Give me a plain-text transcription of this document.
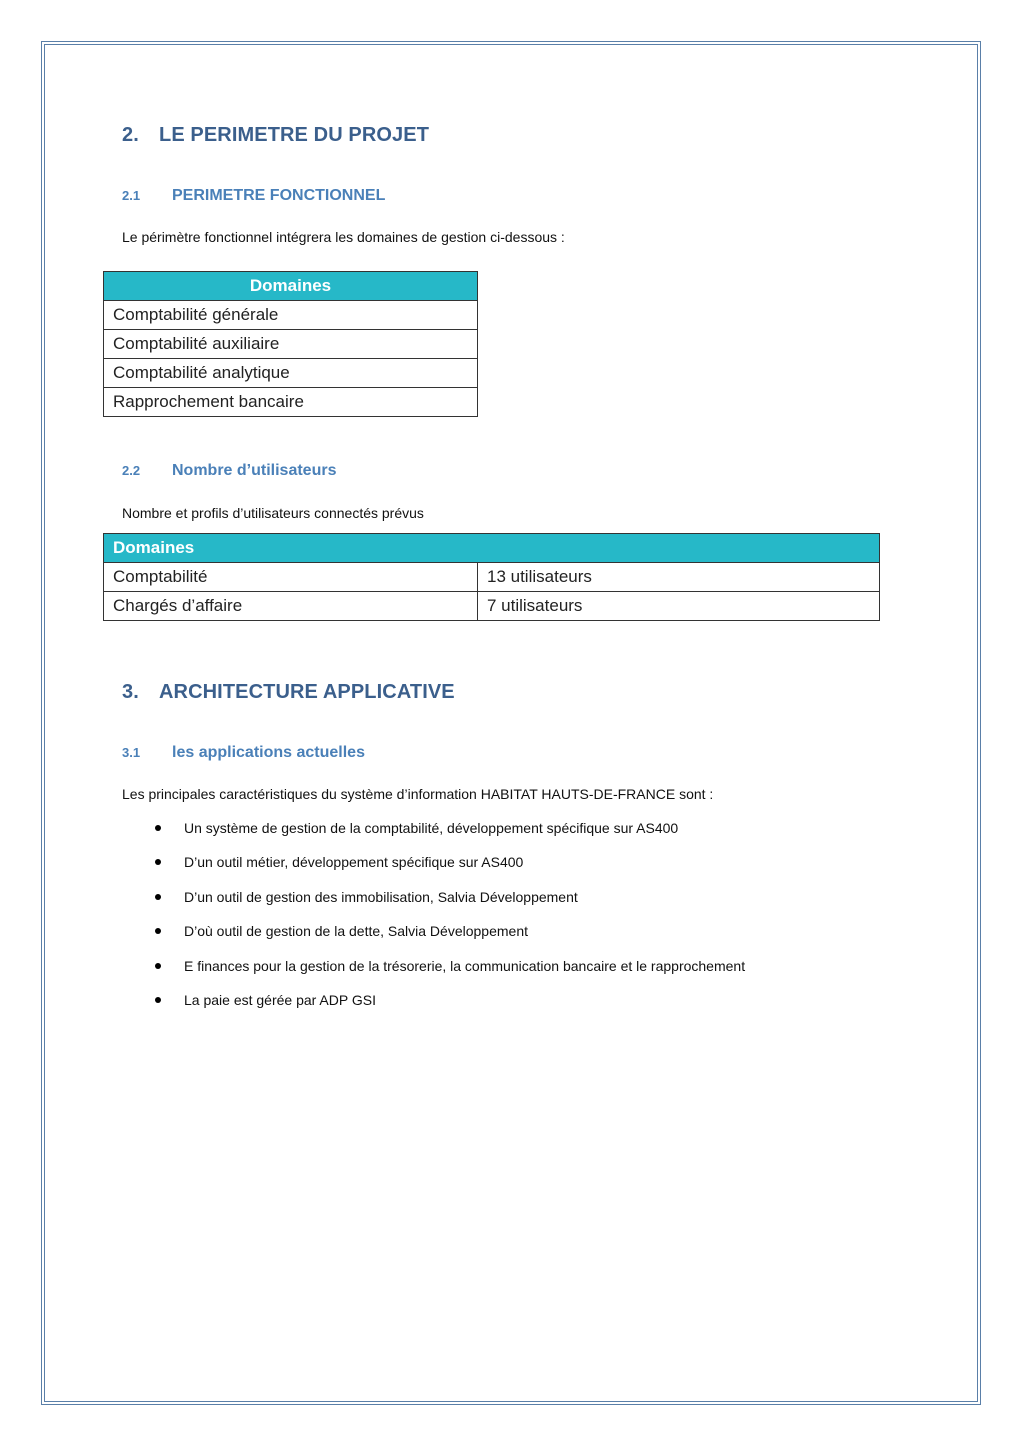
2. LE PERIMETRE DU PROJET
2.1 PERIMETRE FONCTIONNEL
Le périmètre fonctionnel intégrera les domaines de gestion ci-dessous :
Domaines
Comptabilité générale
Comptabilité auxiliaire
Comptabilité analytique
Rapprochement bancaire
2.2 Nombre d’utilisateurs
Nombre et profils d’utilisateurs connectés prévus
Domaines	
Comptabilité	13 utilisateurs
Chargés d’affaire	7 utilisateurs
3. ARCHITECTURE APPLICATIVE
3.1 les applications actuelles
Les principales caractéristiques du système d’information HABITAT HAUTS-DE-FRANCE sont :
Un système de gestion de la comptabilité, développement spécifique sur AS400
D’un outil métier, développement spécifique sur AS400
D’un outil de gestion des immobilisation, Salvia Développement
D’où outil de gestion de la dette, Salvia Développement
E finances pour la gestion de la trésorerie, la communication bancaire et le rapprochement
La paie est gérée par ADP GSI
